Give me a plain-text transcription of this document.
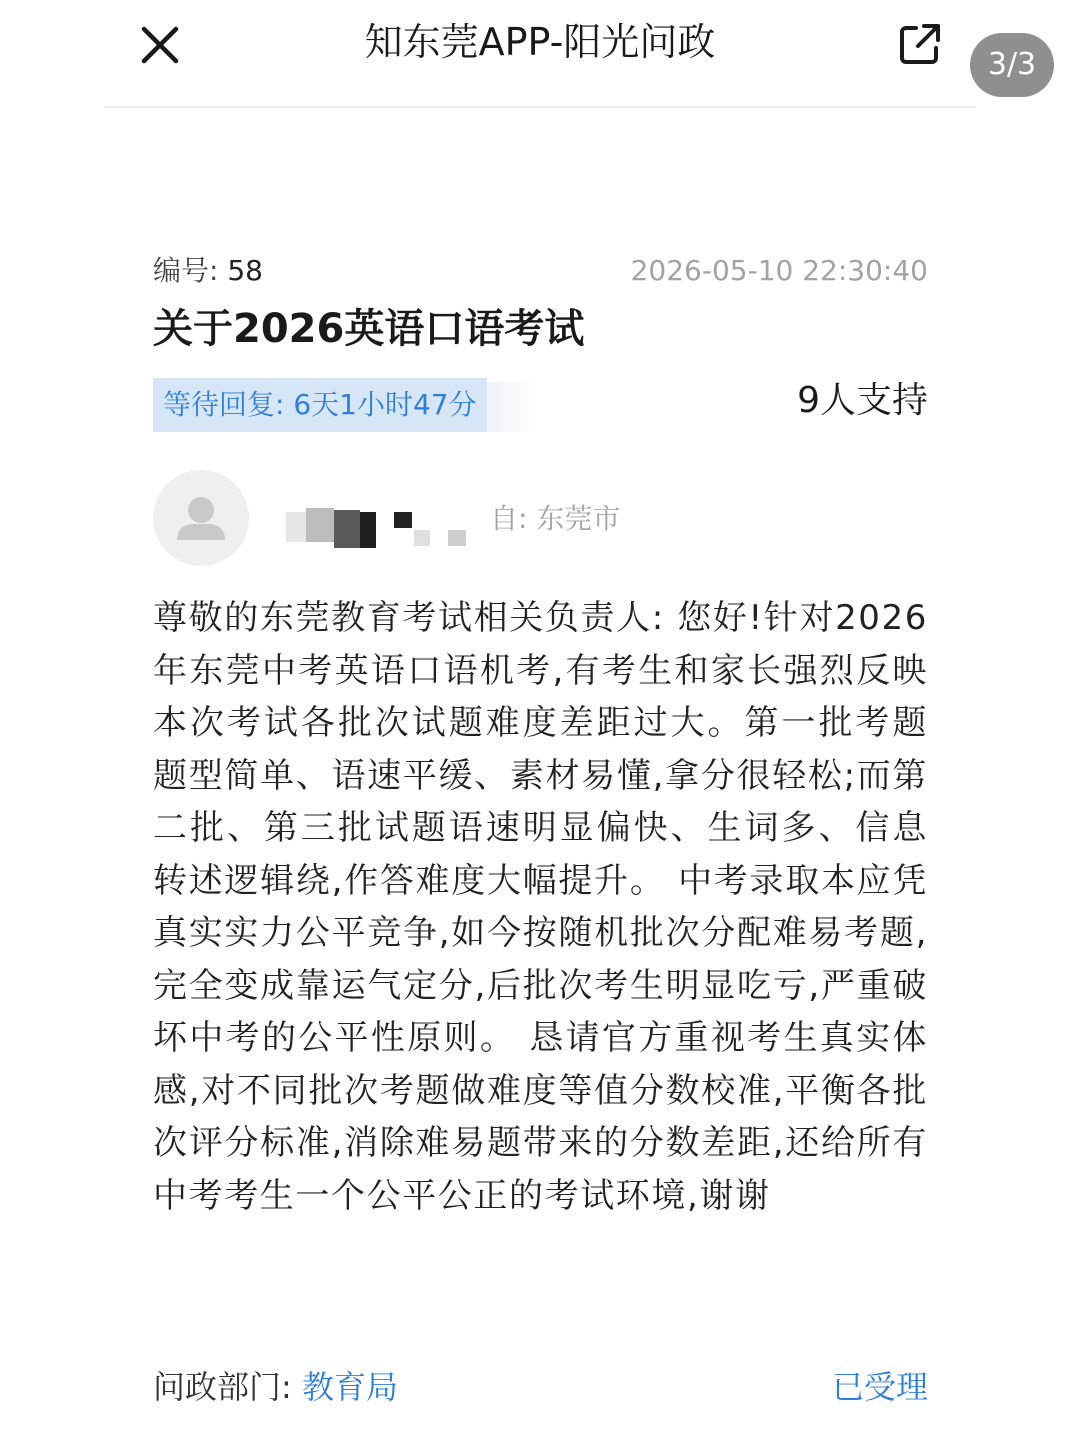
知东莞APP-阳光问政
3/3
编号: 58	2026-05-10 22:30:40
关于2026英语口语考试
等待回复: 6天1小时47分	9人支持
自: 东莞市

尊敬的东莞教育考试相关负责人: 您好!针对2026年东莞中考英语口语机考,有考生和家长强烈反映本次考试各批次试题难度差距过大。第一批考题题型简单、语速平缓、素材易懂,拿分很轻松;而第二批、第三批试题语速明显偏快、生词多、信息转述逻辑绕,作答难度大幅提升。 中考录取本应凭真实实力公平竞争,如今按随机批次分配难易考题,完全变成靠运气定分,后批次考生明显吃亏,严重破坏中考的公平性原则。 恳请官方重视考生真实体感,对不同批次考题做难度等值分数校准,平衡各批次评分标准,消除难易题带来的分数差距,还给所有中考考生一个公平公正的考试环境,谢谢

问政部门: 教育局	已受理
